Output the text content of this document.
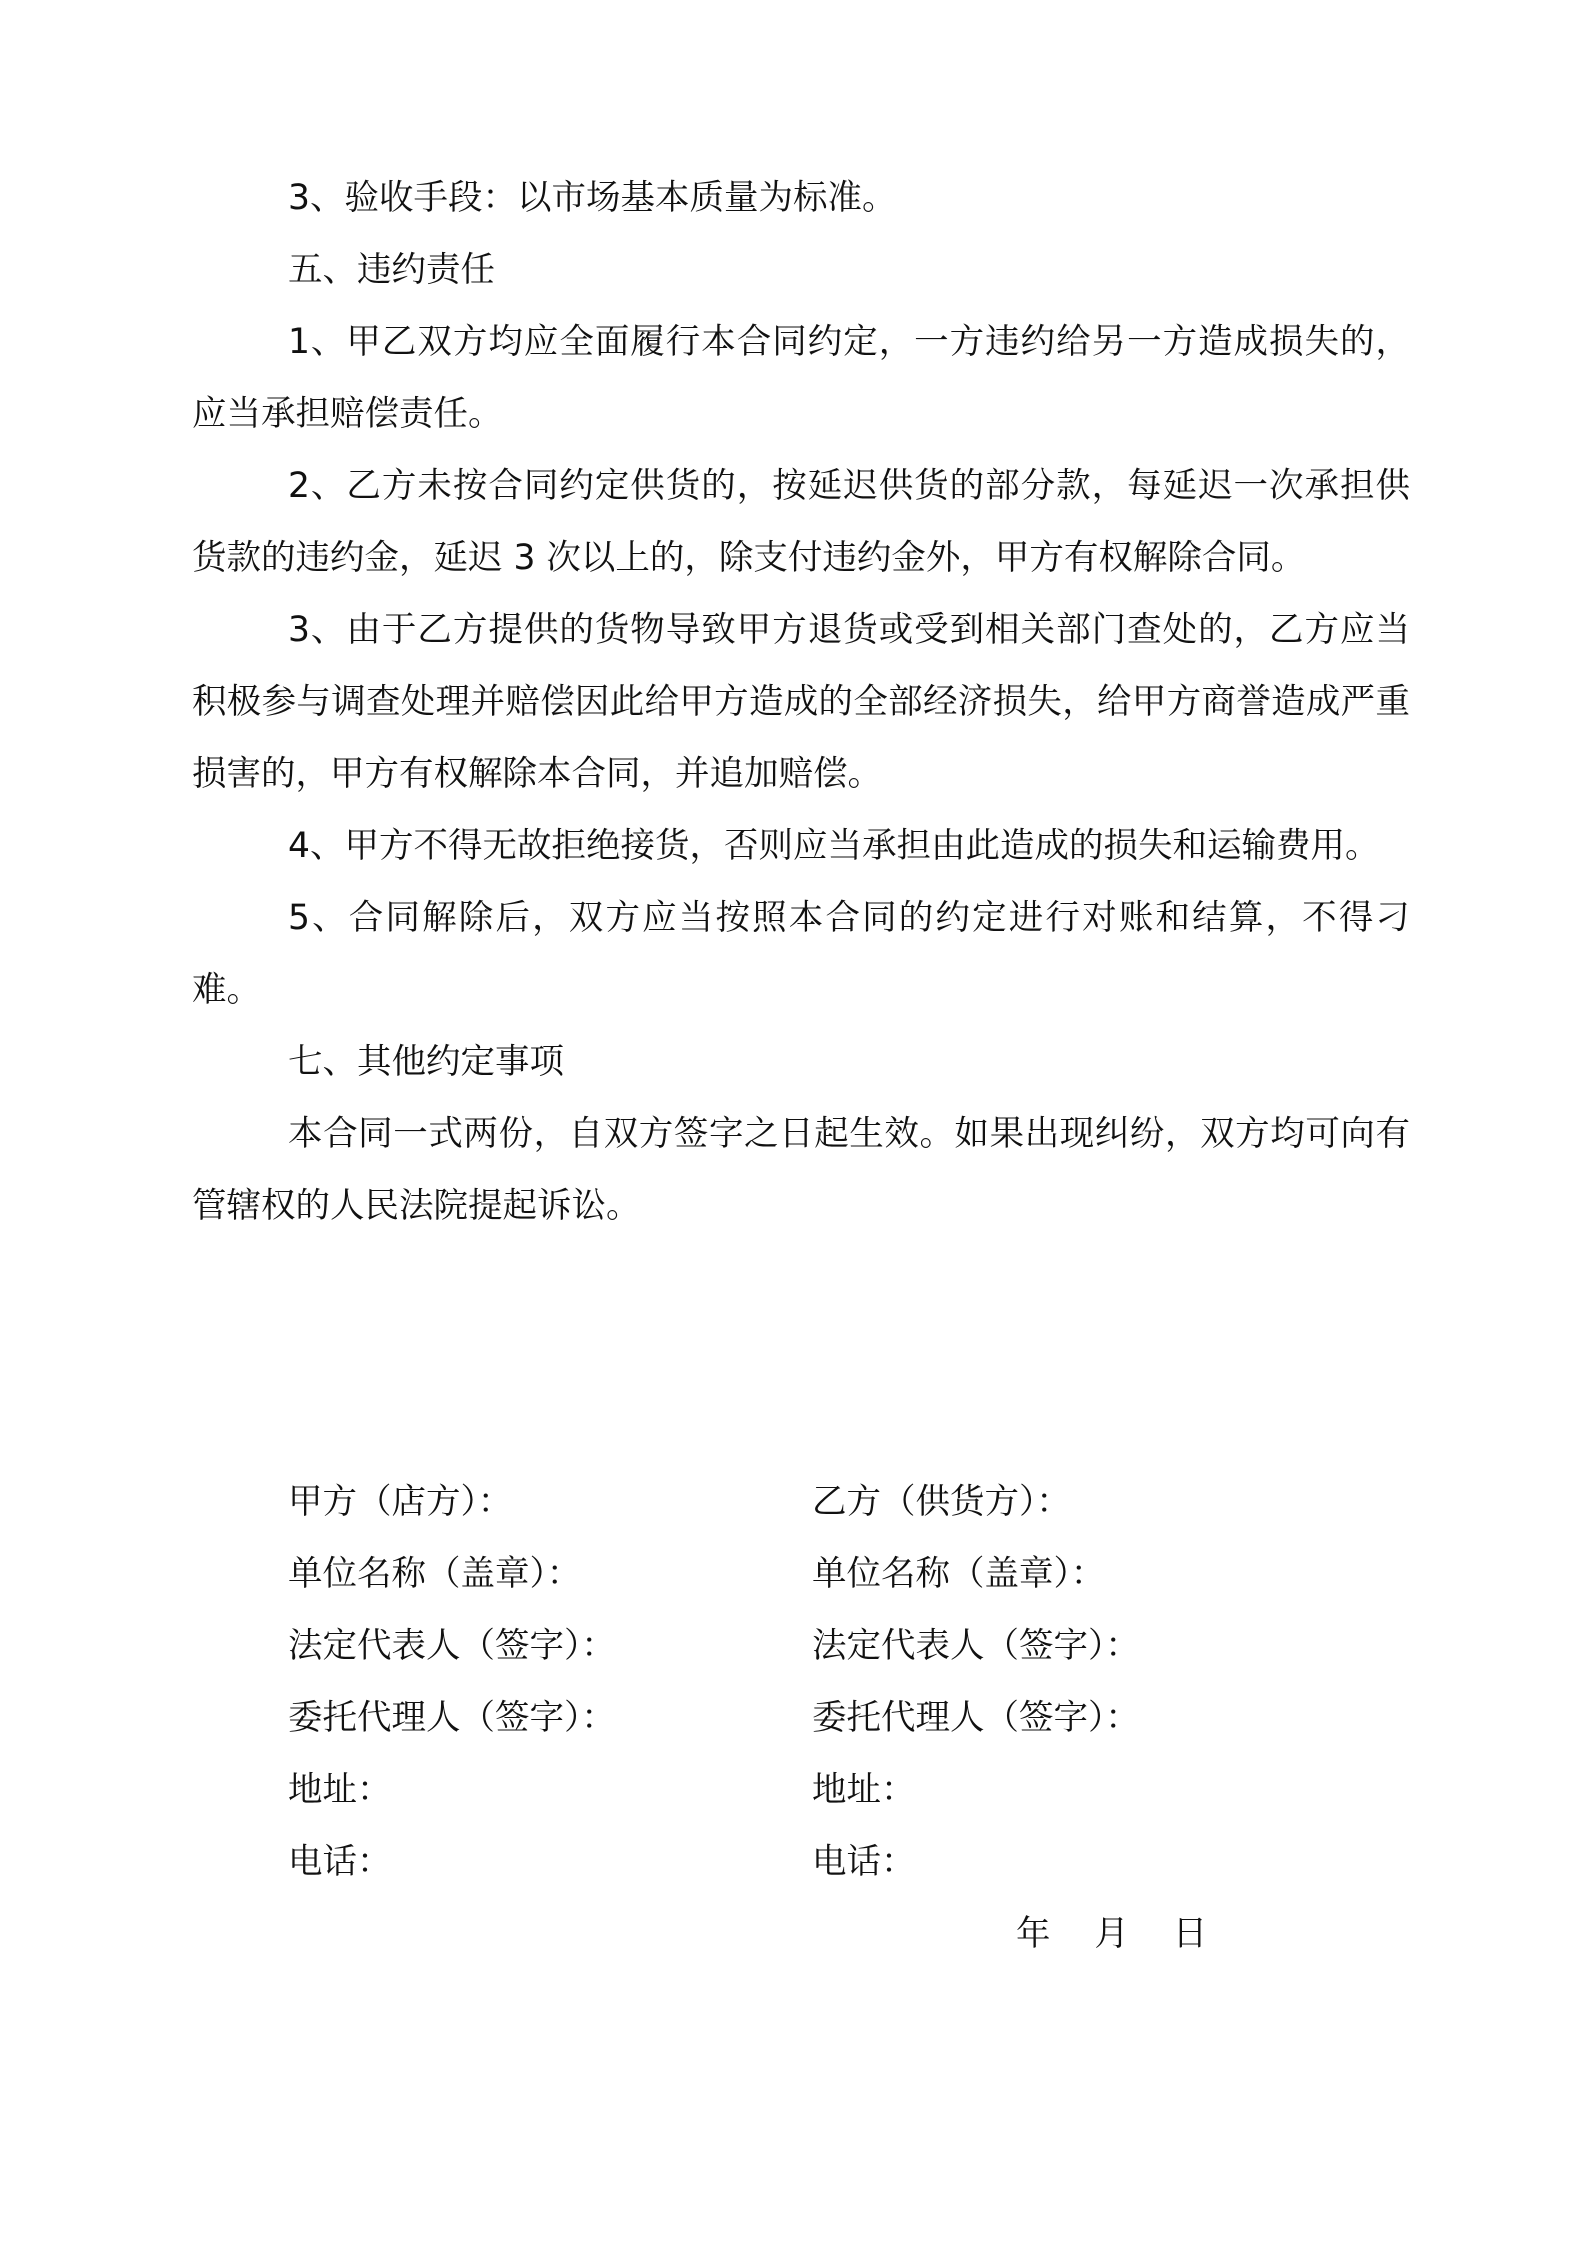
3、验收手段：以市场基本质量为标准。

五、违约责任

1、甲乙双方均应全面履行本合同约定，一方违约给另一方造成损失的，应当承担赔偿责任。

2、乙方未按合同约定供货的，按延迟供货的部分款，每延迟一次承担供货款的违约金，延迟 3 次以上的，除支付违约金外，甲方有权解除合同。

3、由于乙方提供的货物导致甲方退货或受到相关部门查处的，乙方应当积极参与调查处理并赔偿因此给甲方造成的全部经济损失，给甲方商誉造成严重损害的，甲方有权解除本合同，并追加赔偿。

4、甲方不得无故拒绝接货，否则应当承担由此造成的损失和运输费用。

5、合同解除后，双方应当按照本合同的约定进行对账和结算，不得刁难。

七、其他约定事项

本合同一式两份，自双方签字之日起生效。如果出现纠纷，双方均可向有管辖权的人民法院提起诉讼。

甲方（店方）：	乙方（供货方）：
单位名称（盖章）：	单位名称（盖章）：
法定代表人（签字）：	法定代表人（签字）：
委托代理人（签字）：	委托代理人（签字）：
地址：	地址：
电话：	电话：
年    月    日
